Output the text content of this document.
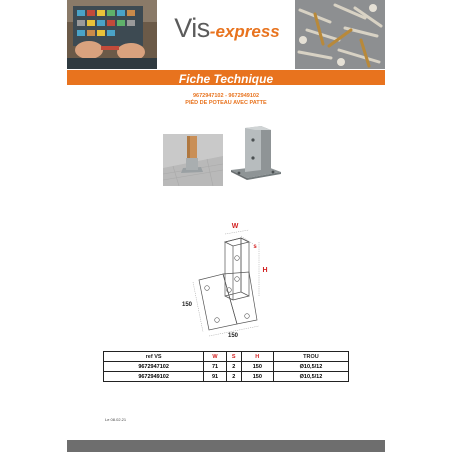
Vis-express
Fiche Technique
9672947102 - 9672949102
PIÉD DE POTEAU AVEC PATTE
W
s
H
150
150
ref VS	W	S	H	TROU
9672947102	71	2	150	Ø10,5/12
9672949102	91	2	150	Ø10,5/12
Le 08.02.21
